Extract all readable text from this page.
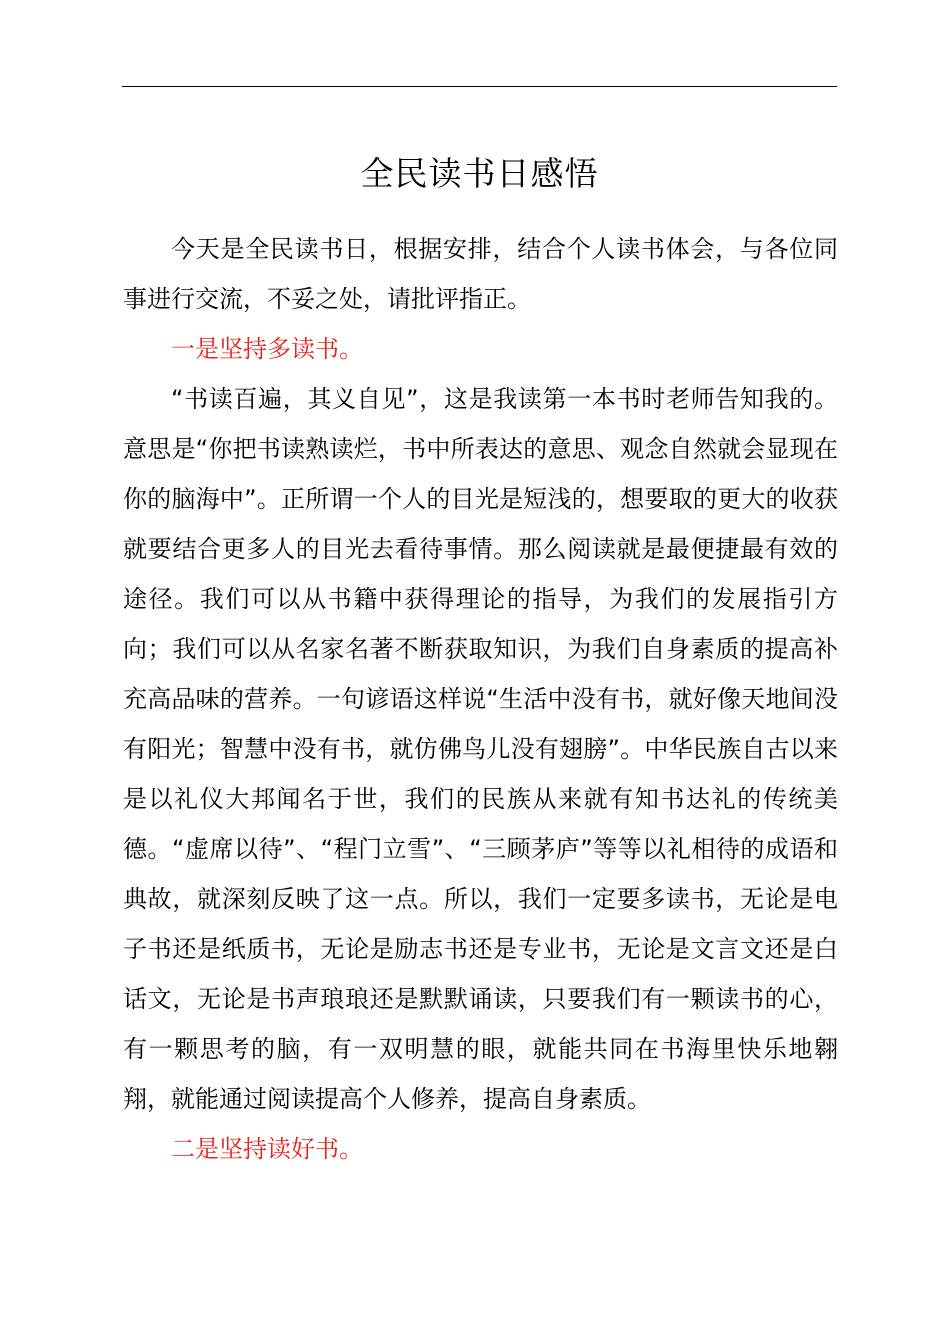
全民读书日感悟

今天是全民读书日，根据安排，结合个人读书体会，与各位同事进行交流，不妥之处，请批评指正。

一是坚持多读书。

“书读百遍，其义自见”，这是我读第一本书时老师告知我的。意思是“你把书读熟读烂，书中所表达的意思、观念自然就会显现在你的脑海中”。正所谓一个人的目光是短浅的，想要取的更大的收获就要结合更多人的目光去看待事情。那么阅读就是最便捷最有效的途径。我们可以从书籍中获得理论的指导，为我们的发展指引方向；我们可以从名家名著不断获取知识，为我们自身素质的提高补充高品味的营养。一句谚语这样说“生活中没有书，就好像天地间没有阳光；智慧中没有书，就仿佛鸟儿没有翅膀”。中华民族自古以来是以礼仪大邦闻名于世，我们的民族从来就有知书达礼的传统美德。“虚席以待”、“程门立雪”、“三顾茅庐”等等以礼相待的成语和典故，就深刻反映了这一点。所以，我们一定要多读书，无论是电子书还是纸质书，无论是励志书还是专业书，无论是文言文还是白话文，无论是书声琅琅还是默默诵读，只要我们有一颗读书的心，有一颗思考的脑，有一双明慧的眼，就能共同在书海里快乐地翱翔，就能通过阅读提高个人修养，提高自身素质。

二是坚持读好书。
